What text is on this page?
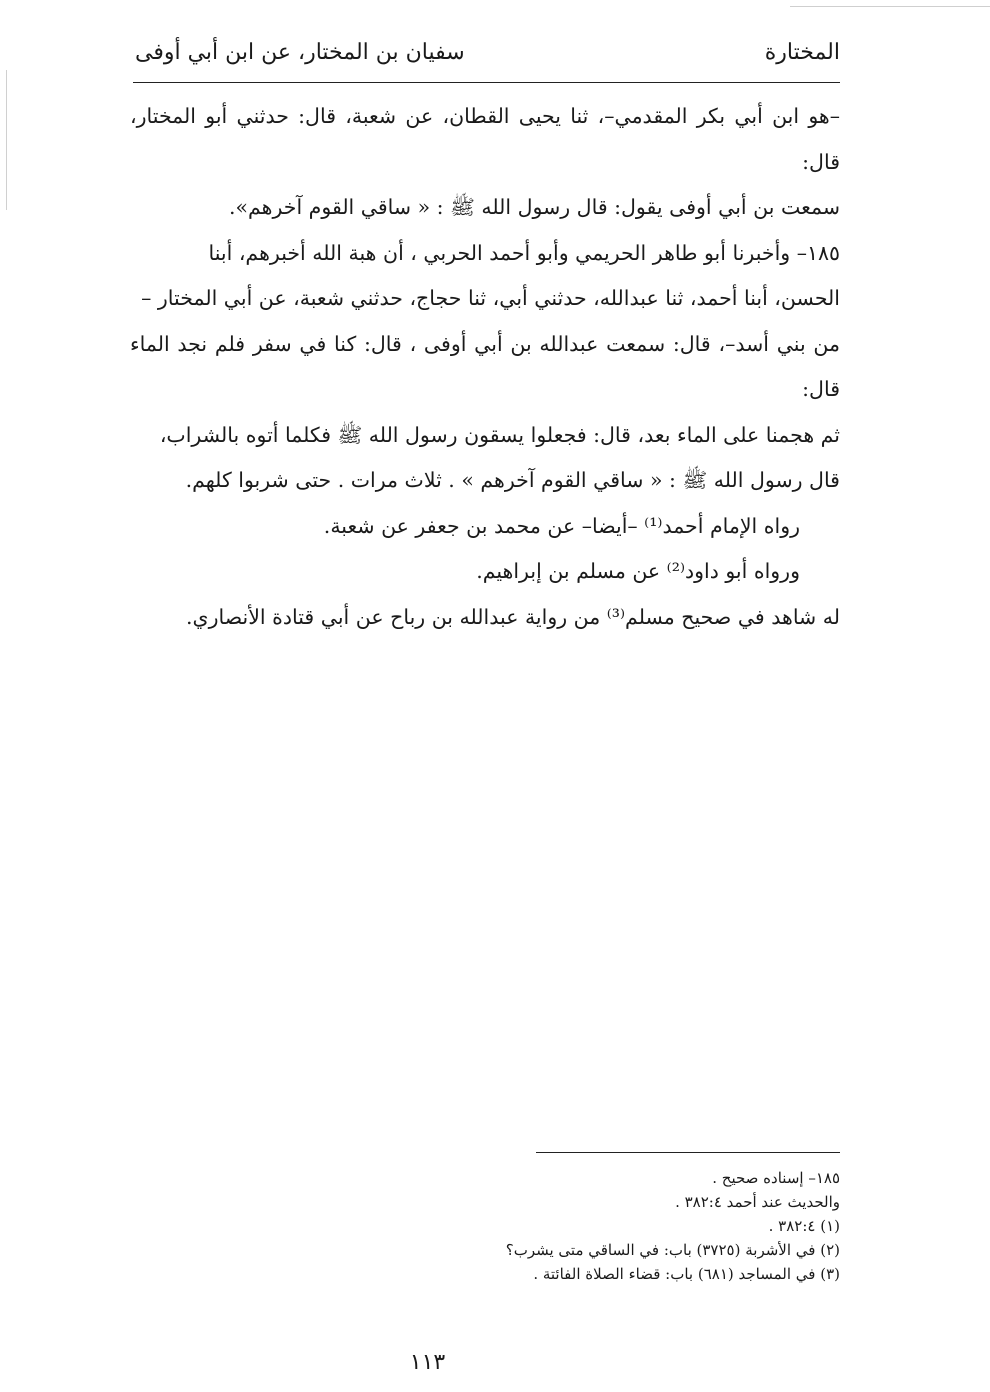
المختارة
سفيان بن المختار، عن ابن أبي أوفى

–هو ابن أبي بكر المقدمي–، ثنا يحيى القطان، عن شعبة، قال: حدثني أبو المختار، قال:

سمعت بن أبي أوفى يقول: قال رسول الله ﷺ : « ساقي القوم آخرهم».

١٨٥– وأخبرنا أبو طاهر الحريمي وأبو أحمد الحربي ، أن هبة الله أخبرهم، أبنا

الحسن، أبنا أحمد، ثنا عبدالله، حدثني أبي، ثنا حجاج، حدثني شعبة، عن أبي المختار –

من بني أسد–، قال: سمعت عبدالله بن أبي أوفى ، قال: كنا في سفر فلم نجد الماء قال:

ثم هجمنا على الماء بعد، قال: فجعلوا يسقون رسول الله ﷺ فكلما أتوه بالشراب،

قال رسول الله ﷺ : « ساقي القوم آخرهم » . ثلاث مرات . حتى شربوا كلهم.

رواه الإمام أحمد⁽¹⁾ –أيضا– عن محمد بن جعفر عن شعبة.

ورواه أبو داود⁽²⁾ عن مسلم بن إبراهيم.

له شاهد في صحيح مسلم⁽³⁾ من رواية عبدالله بن رباح عن أبي قتادة الأنصاري.

١٨٥– إسناده صحيح .

والحديث عند أحمد ٣٨٢:٤ .

(١) ٣٨٢:٤ .

(٢) في الأشربة (٣٧٢٥) باب: في الساقي متى يشرب؟

(٣) في المساجد (٦٨١) باب: قضاء الصلاة الفائتة .

١١٣
